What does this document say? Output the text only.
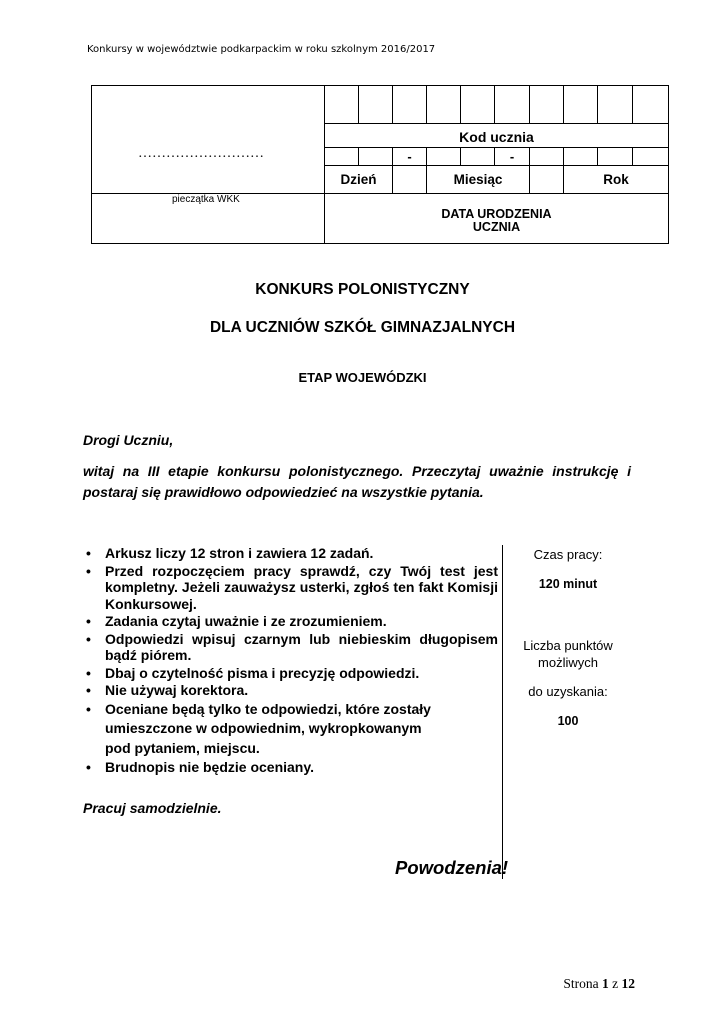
Konkursy w województwie podkarpackim w roku szkolnym 2016/2017
………………………
pieczątka WKK
Kod ucznia
-	-
Dzień	Miesiąc	Rok
DATA URODZENIA
UCZNIA
KONKURS POLONISTYCZNY
DLA UCZNIÓW SZKÓŁ GIMNAZJALNYCH
ETAP WOJEWÓDZKI
Drogi Uczniu,
witaj na III etapie konkursu polonistycznego. Przeczytaj uważnie instrukcję i postaraj się prawidłowo odpowiedzieć na wszystkie pytania.
• Arkusz liczy 12 stron i zawiera 12 zadań.
• Przed rozpoczęciem pracy sprawdź, czy Twój test jest kompletny. Jeżeli zauważysz usterki, zgłoś ten fakt Komisji Konkursowej.
• Zadania czytaj uważnie i ze zrozumieniem.
• Odpowiedzi wpisuj czarnym lub niebieskim długopisem bądź piórem.
• Dbaj o czytelność pisma i precyzję odpowiedzi.
• Nie używaj korektora.
• Oceniane będą tylko te odpowiedzi, które zostały umieszczone w odpowiednim, wykropkowanym pod pytaniem, miejscu.
• Brudnopis nie będzie oceniany.
Czas pracy:
120 minut
Liczba punktów
możliwych
do uzyskania:
100
Pracuj samodzielnie.
Powodzenia!
Strona 1 z 12
